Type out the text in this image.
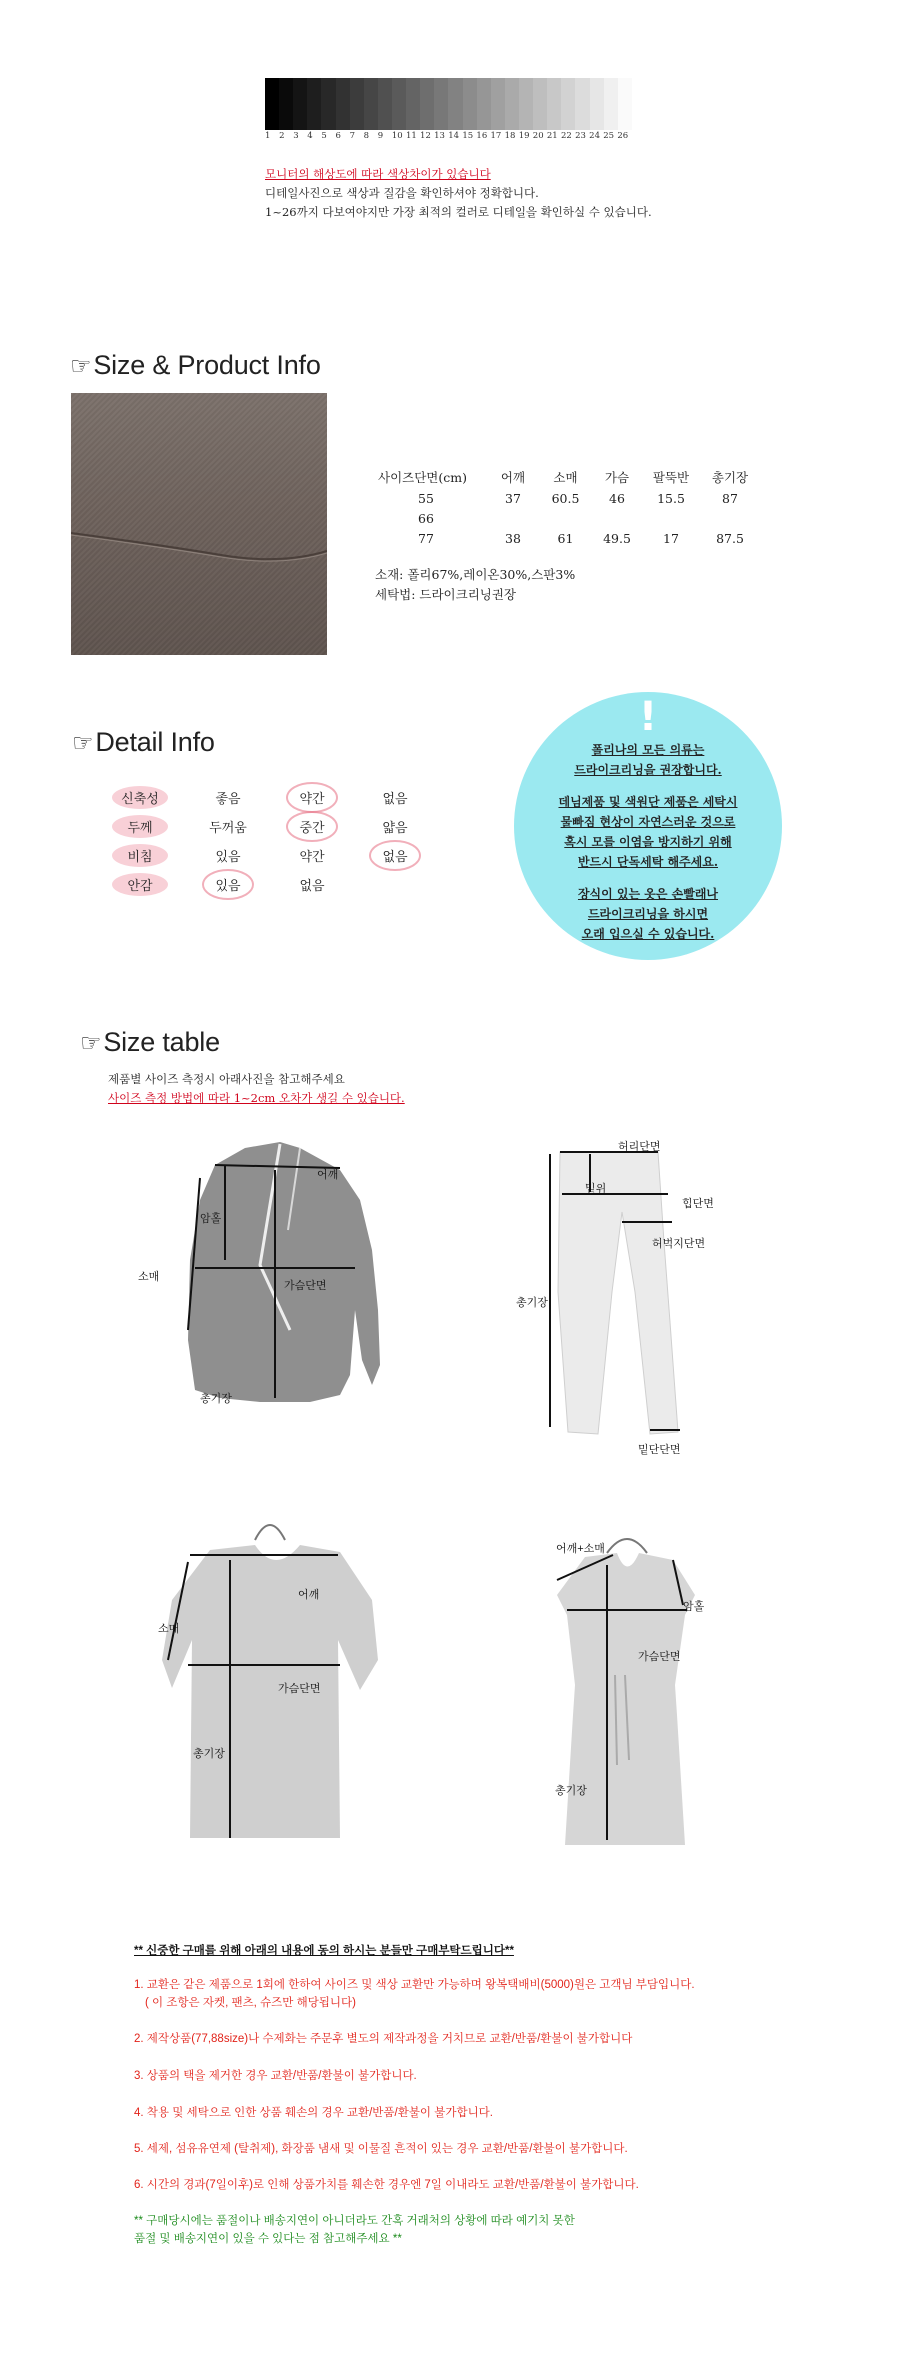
1	2	3	4	5	6	7	8	9	10 11 12 13 14 15 16 17 18 19 20 21 22 23 24 25 26
모니터의 해상도에 따라 색상차이가 있습니다
디테일사진으로 색상과 질감을 확인하셔야 정확합니다.
1~26까지 다보여야지만 가장 최적의 컬러로 디테일을 확인하실 수 있습니다.
☞Size & Product Info
사이즈단면(cm)	어깨	소매	가슴	팔뚝반	총기장
55	37	60.5	46	15.5	87
66					
77	38	61	49.5	17	87.5
소재: 폴리67%,레이온30%,스판3%
세탁법: 드라이크리닝권장
☞Detail Info
신축성	좋음	약간	없음
두께	두꺼움	중간	얇음
비침	있음	약간	없음
안감	있음	없음
!
폴리나의 모든 의류는
드라이크리닝을 권장합니다.
데님제품 및 색원단 제품은 세탁시
물빠짐 현상이 자연스러운 것으로
혹시 모를 이염을 방지하기 위해
반드시 단독세탁 해주세요.
장식이 있는 옷은 손빨래나
드라이크리닝을 하시면
오래 입으실 수 있습니다.
☞Size table
제품별 사이즈 측정시 아래사진을 참고해주세요
사이즈 측정 방법에 따라 1~2cm 오차가 생길 수 있습니다.
어깨
암홀
소매
가슴단면
총기장
허리단면
밑위
힙단면
허벅지단면
총기장
밑단단면
어깨
소매
가슴단면
총기장
어깨+소매
암홀
가슴단면
총기장
** 신중한 구매를 위해 아래의 내용에 동의 하시는 분들만 구매부탁드립니다**
1. 교환은 같은 제품으로 1회에 한하여 사이즈 및 색상 교환만 가능하며 왕복택배비(5000)원은 고객님 부담입니다.
( 이 조항은 자켓, 팬츠, 슈즈만 해당됩니다)
2. 제작상품(77,88size)나 수제화는 주문후 별도의 제작과정을 거치므로 교환/반품/환불이 불가합니다
3. 상품의 택을 제거한 경우 교환/반품/환불이 불가합니다.
4. 착용 및 세탁으로 인한 상품 훼손의 경우 교환/반품/환불이 불가합니다.
5. 세제, 섬유유연제 (탈취제), 화장품 냄새 및 이물질 흔적이 있는 경우 교환/반품/환불이 불가합니다.
6. 시간의 경과(7일이후)로 인해 상품가치를 훼손한 경우엔 7일 이내라도 교환/반품/환불이 불가합니다.
** 구매당시에는 품절이나 배송지연이 아니더라도 간혹 거래처의 상황에 따라 예기치 못한
품절 및 배송지연이 있을 수 있다는 점 참고해주세요 **
